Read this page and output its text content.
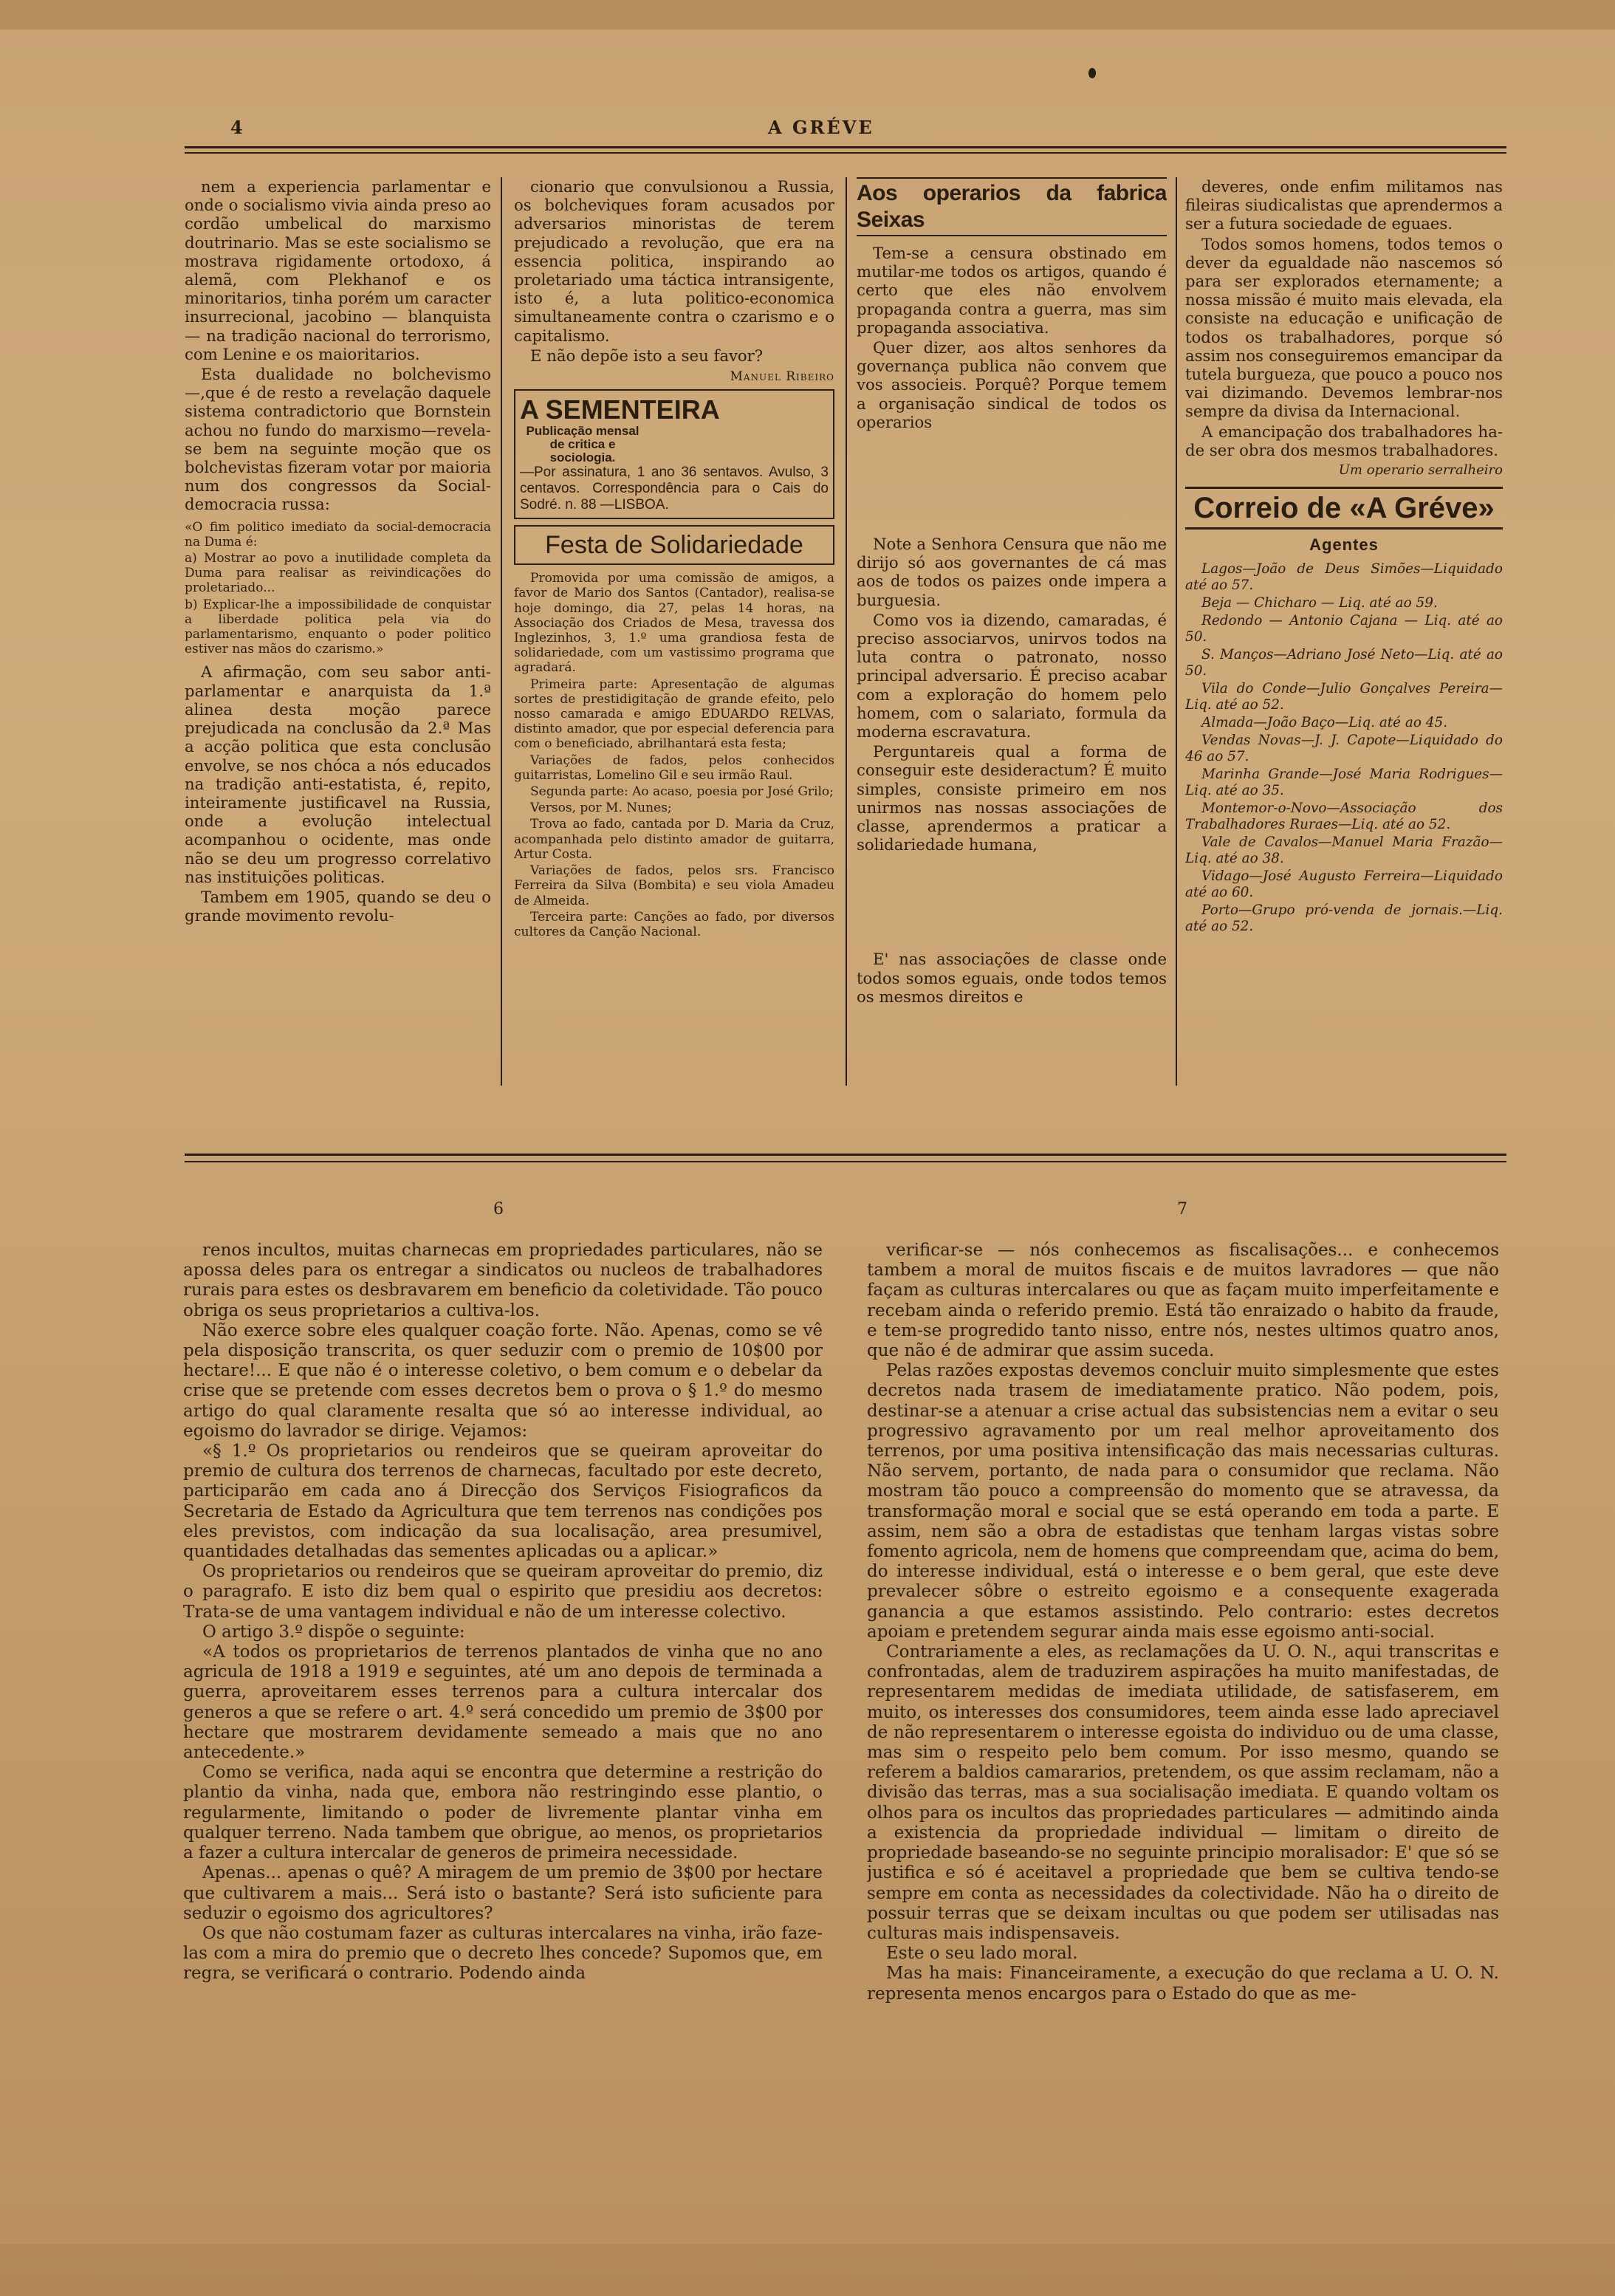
4	A GRÉVE

nem a experiencia parlamentar e onde o socialismo vivia ainda preso ao cordão umbelical do marxismo doutrinario. Mas se este socialismo se mostrava rigidamente ortodoxo, á alemã, com Plekhanof e os minoritarios, tinha porém um caracter insurrecional, jacobino — blanquista — na tradição nacional do terrorismo, com Lenine e os maioritarios.

Esta dualidade no bolchevismo —,que é de resto a revelação daquele sistema contradictorio que Bornstein achou no fundo do marxismo—revela-se bem na seguinte moção que os bolchevistas fizeram votar por maioria num dos congressos da Social-democracia russa:

«O fim politico imediato da social-democracia na Duma é:

a) Mostrar ao povo a inutilidade completa da Duma para realisar as reivindicações do proletariado...

b) Explicar-lhe a impossibilidade de conquistar a liberdade politica pela via do parlamentarismo, enquanto o poder politico estiver nas mãos do czarismo.»

A afirmação, com seu sabor anti-parlamentar e anarquista da 1.ª alinea desta moção parece prejudicada na conclusão da 2.ª Mas a acção politica que esta conclusão envolve, se nos chóca a nós educados na tradição anti-estatista, é, repito, inteiramente justificavel na Russia, onde a evolução intelectual acompanhou o ocidente, mas onde não se deu um progresso correlativo nas instituições politicas.

Tambem em 1905, quando se deu o grande movimento revolu-

cionario que convulsionou a Russia, os bolcheviques foram acusados por adversarios minoristas de terem prejudicado a revolução, que era na essencia politica, inspirando ao proletariado uma táctica intransigente, isto é, a luta politico-economica simultaneamente contra o czarismo e o capitalismo.

E não depõe isto a seu favor?

Manuel Ribeiro
A SEMENTEIRA Publicação mensal de critica e sociologia.
—Por assinatura, 1 ano 36 sentavos. Avulso, 3 centavos. Correspondência para o Cais do Sodré. n. 88 —LISBOA.
Festa de Solidariedade

Promovida por uma comissão de amigos, a favor de Mario dos Santos (Cantador), realisa-se hoje domingo, dia 27, pelas 14 horas, na Associação dos Criados de Mesa, travessa dos Inglezinhos, 3, 1.º uma grandiosa festa de solidariedade, com um vastissimo programa que agradará.

Primeira parte: Apresentação de algumas sortes de prestidigitação de grande efeito, pelo nosso camarada e amigo EDUARDO RELVAS, distinto amador, que por especial deferencia para com o beneficiado, abrilhantará esta festa;

Variações de fados, pelos conhecidos guitarristas, Lomelino Gil e seu irmão Raul.

Segunda parte: Ao acaso, poesia por José Grilo;

Versos, por M. Nunes;

Trova ao fado, cantada por D. Maria da Cruz, acompanhada pelo distinto amador de guitarra, Artur Costa.

Variações de fados, pelos srs. Francisco Ferreira da Silva (Bombita) e seu viola Amadeu de Almeida.

Terceira parte: Canções ao fado, por diversos cultores da Canção Nacional.

Aos operarios da fabrica Seixas

Tem-se a censura obstinado em mutilar-me todos os artigos, quando é certo que eles não envolvem propaganda contra a guerra, mas sim propaganda associativa.

Quer dizer, aos altos senhores da governança publica não convem que vos associeis. Porquê? Porque temem a organisação sindical de todos os operarios

Note a Senhora Censura que não me dirijo só aos governantes de cá mas aos de todos os paizes onde impera a burguesia.

Como vos ia dizendo, camaradas, é preciso associarvos, unirvos todos na luta contra o patronato, nosso principal adversario. É preciso acabar com a exploração do homem pelo homem, com o salariato, formula da moderna escravatura.

Perguntareis qual a forma de conseguir este desideractum? É muito simples, consiste primeiro em nos unirmos nas nossas associações de classe, aprendermos a praticar a solidariedade humana,

E' nas associações de classe onde todos somos eguais, onde todos temos os mesmos direitos e

deveres, onde enfim militamos nas fileiras siudicalistas que aprendermos a ser a futura sociedade de eguaes.

Todos somos homens, todos temos o dever da egualdade não nascemos só para ser explorados eternamente; a nossa missão é muito mais elevada, ela consiste na educação e unificação de todos os trabalhadores, porque só assim nos conseguiremos emancipar da tutela burgueza, que pouco a pouco nos vai dizimando. Devemos lembrar-nos sempre da divisa da Internacional.

A emancipação dos trabalhadores ha-de ser obra dos mesmos trabalhadores.

Um operario serralheiro
Correio de «A Gréve»
Agentes

Lagos—João de Deus Simões—Liquidado até ao 57.

Beja — Chicharo — Liq. até ao 59.

Redondo — Antonio Cajana — Liq. até ao 50.

S. Manços—Adriano José Neto—Liq. até ao 50.

Vila do Conde—Julio Gonçalves Pereira—Liq. até ao 52.

Almada—João Baço—Liq. até ao 45.

Vendas Novas—J. J. Capote—Liquidado do 46 ao 57.

Marinha Grande—José Maria Rodrigues—Liq. até ao 35.

Montemor-o-Novo—Associação dos Trabalhadores Ruraes—Liq. até ao 52.

Vale de Cavalos—Manuel Maria Frazão—Liq. até ao 38.

Vidago—José Augusto Ferreira—Liquidado até ao 60.

Porto—Grupo pró-venda de jornais.—Liq. até ao 52.

6	7

renos incultos, muitas charnecas em propriedades particulares, não se apossa deles para os entregar a sindicatos ou nucleos de trabalhadores rurais para estes os desbravarem em beneficio da coletividade. Tão pouco obriga os seus proprietarios a cultiva-los.

Não exerce sobre eles qualquer coação forte. Não. Apenas, como se vê pela disposição transcrita, os quer seduzir com o premio de 10$00 por hectare!... E que não é o interesse coletivo, o bem comum e o debelar da crise que se pretende com esses decretos bem o prova o § 1.º do mesmo artigo do qual claramente resalta que só ao interesse individual, ao egoismo do lavrador se dirige. Vejamos:

«§ 1.º Os proprietarios ou rendeiros que se queiram aproveitar do premio de cultura dos terrenos de charnecas, facultado por este decreto, participarão em cada ano á Direcção dos Serviços Fisiograficos da Secretaria de Estado da Agricultura que tem terrenos nas condições pos eles previstos, com indicação da sua localisação, area presumivel, quantidades detalhadas das sementes aplicadas ou a aplicar.»

Os proprietarios ou rendeiros que se queiram aproveitar do premio, diz o paragrafo. E isto diz bem qual o espirito que presidiu aos decretos: Trata-se de uma vantagem individual e não de um interesse colectivo.

O artigo 3.º dispõe o seguinte:

«A todos os proprietarios de terrenos plantados de vinha que no ano agricula de 1918 a 1919 e seguintes, até um ano depois de terminada a guerra, aproveitarem esses terrenos para a cultura intercalar dos generos a que se refere o art. 4.º será concedido um premio de 3$00 por hectare que mostrarem devidamente semeado a mais que no ano antecedente.»

Como se verifica, nada aqui se encontra que determine a restrição do plantio da vinha, nada que, embora não restringindo esse plantio, o regularmente, limitando o poder de livremente plantar vinha em qualquer terreno. Nada tambem que obrigue, ao menos, os proprietarios a fazer a cultura intercalar de generos de primeira necessidade.

Apenas... apenas o quê? A miragem de um premio de 3$00 por hectare que cultivarem a mais... Será isto o bastante? Será isto suficiente para seduzir o egoismo dos agricultores?

Os que não costumam fazer as culturas intercalares na vinha, irão faze-las com a mira do premio que o decreto lhes concede? Supomos que, em regra, se verificará o contrario. Podendo ainda

verificar-se — nós conhecemos as fiscalisações... e conhecemos tambem a moral de muitos fiscais e de muitos lavradores — que não façam as culturas intercalares ou que as façam muito imperfeitamente e recebam ainda o referido premio. Está tão enraizado o habito da fraude, e tem-se progredido tanto nisso, entre nós, nestes ultimos quatro anos, que não é de admirar que assim suceda.

Pelas razões expostas devemos concluir muito simplesmente que estes decretos nada trasem de imediatamente pratico. Não podem, pois, destinar-se a atenuar a crise actual das subsistencias nem a evitar o seu progressivo agravamento por um real melhor aproveitamento dos terrenos, por uma positiva intensificação das mais necessarias culturas. Não servem, portanto, de nada para o consumidor que reclama. Não mostram tão pouco a compreensão do momento que se atravessa, da transformação moral e social que se está operando em toda a parte. E assim, nem são a obra de estadistas que tenham largas vistas sobre fomento agricola, nem de homens que compreendam que, acima do bem, do interesse individual, está o interesse e o bem geral, que este deve prevalecer sôbre o estreito egoismo e a consequente exagerada ganancia a que estamos assistindo. Pelo contrario: estes decretos apoiam e pretendem segurar ainda mais esse egoismo anti-social.

Contrariamente a eles, as reclamações da U. O. N., aqui transcritas e confrontadas, alem de traduzirem aspirações ha muito manifestadas, de representarem medidas de imediata utilidade, de satisfaserem, em muito, os interesses dos consumidores, teem ainda esse lado apreciavel de não representarem o interesse egoista do individuo ou de uma classe, mas sim o respeito pelo bem comum. Por isso mesmo, quando se referem a baldios camararios, pretendem, os que assim reclamam, não a divisão das terras, mas a sua socialisação imediata. E quando voltam os olhos para os incultos das propriedades particulares — admitindo ainda a existencia da propriedade individual — limitam o direito de propriedade baseando-se no seguinte principio moralisador: E' que só se justifica e só é aceitavel a propriedade que bem se cultiva tendo-se sempre em conta as necessidades da colectividade. Não ha o direito de possuir terras que se deixam incultas ou que podem ser utilisadas nas culturas mais indispensaveis.

Este o seu lado moral.

Mas ha mais: Financeiramente, a execução do que reclama a U. O. N. representa menos encargos para o Estado do que as me-
